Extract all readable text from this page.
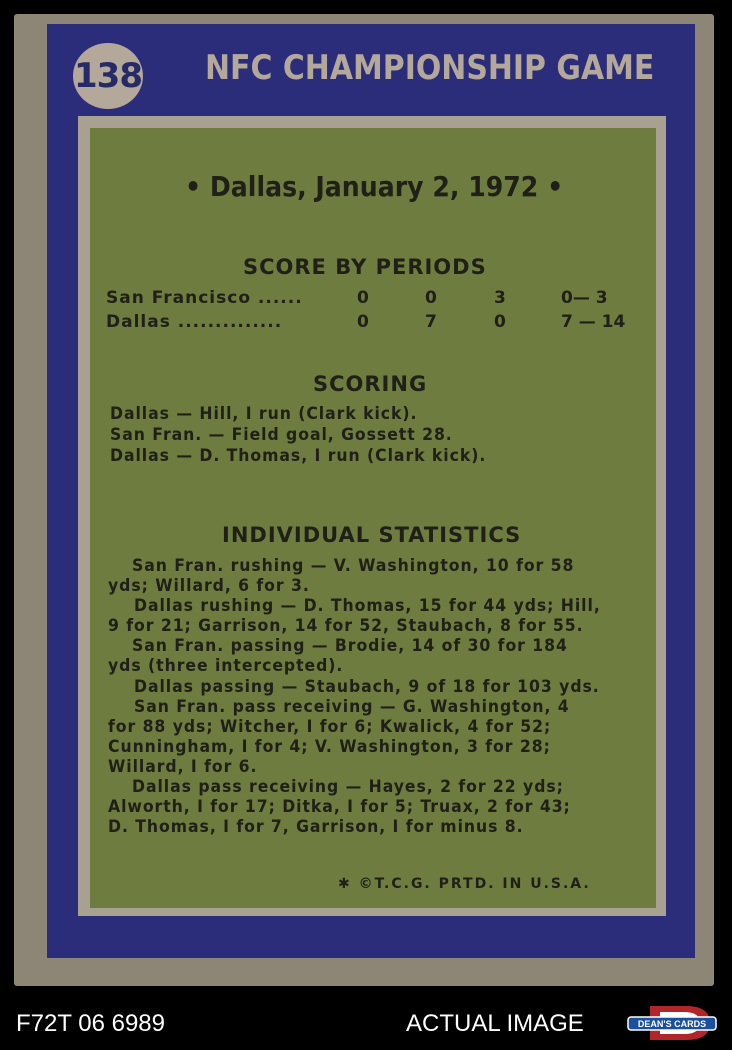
138 NFC CHAMPIONSHIP GAME
• Dallas, January 2, 1972 •
SCORE BY PERIODS
San Francisco ......	0	0	3	0— 3
Dallas ..............	0	7	0	7 — 14
SCORING
Dallas — Hill, I run (Clark kick).
San Fran. — Field goal, Gossett 28.
Dallas — D. Thomas, I run (Clark kick).
INDIVIDUAL STATISTICS
San Fran. rushing — V. Washington, 10 for 58
yds; Willard, 6 for 3.
Dallas rushing — D. Thomas, 15 for 44 yds; Hill,
9 for 21; Garrison, 14 for 52, Staubach, 8 for 55.
San Fran. passing — Brodie, 14 of 30 for 184
yds (three intercepted).
Dallas passing — Staubach, 9 of 18 for 103 yds.
San Fran. pass receiving — G. Washington, 4
for 88 yds; Witcher, I for 6; Kwalick, 4 for 52;
Cunningham, I for 4; V. Washington, 3 for 28;
Willard, I for 6.
Dallas pass receiving — Hayes, 2 for 22 yds;
Alworth, I for 17; Ditka, I for 5; Truax, 2 for 43;
D. Thomas, I for 7, Garrison, I for minus 8.
✱ ©T.C.G. PRTD. IN U.S.A.
F72T 06 6989	ACTUAL IMAGE	DEAN'S CARDS
